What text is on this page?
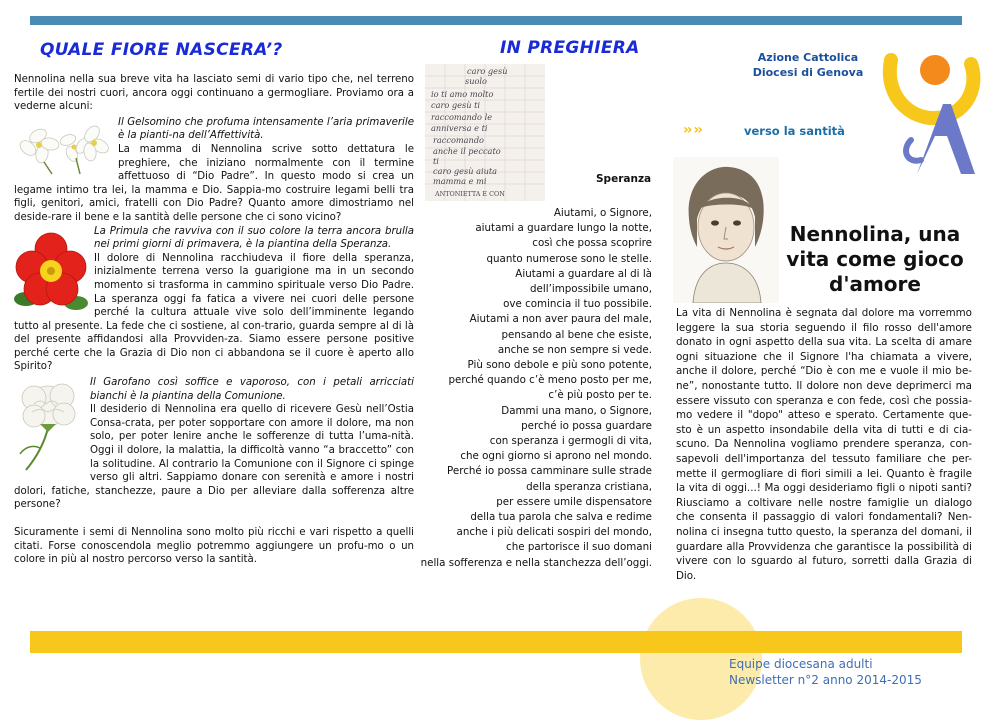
QUALE FIORE NASCERA’?

Nennolina nella sua breve vita ha lasciato semi di vario tipo che, nel terreno fertile dei nostri cuori, ancora oggi continuano a germogliare. Proviamo ora a vederne alcuni:

Il Gelsomino che profuma intensamente l’aria primaverile è la pianti-na dell’Affettività.

La mamma di Nennolina scrive sotto dettatura le preghiere, che iniziano normalmente con il termine affettuoso di “Dio Padre”. In questo modo si crea un legame intimo tra lei, la mamma e Dio. Sappia-mo costruire legami belli tra figli, genitori, amici, fratelli con Dio Padre? Quanto amore dimostriamo nel deside-rare il bene e la santità delle persone che ci sono vicino?

La Primula che ravviva con il suo colore la terra ancora brulla nei primi giorni di primavera, è la piantina della Speranza.

Il dolore di Nennolina racchiudeva il fiore della speranza, inizialmente terrena verso la guarigione ma in un secondo momento si trasforma in cammino spirituale verso Dio Padre. La speranza oggi fa fatica a vivere nei cuori delle persone perché la cultura attuale vive solo dell’imminente legando tutto al presente. La fede che ci sostiene, al con-trario, guarda sempre al di là del presente affidandosi alla Provviden-za. Siamo essere persone positive perché certe che la Grazia di Dio non ci abbandona se il cuore è aperto allo Spirito?

Il Garofano così soffice e vaporoso, con i petali arricciati bianchi è la piantina della Comunione.

Il desiderio di Nennolina era quello di ricevere Gesù nell’Ostia Consa-crata, per poter sopportare con amore il dolore, ma non solo, per poter lenire anche le sofferenze di tutta l’uma-nità. Oggi il dolore, la malattia, la difficoltà vanno “a braccetto” con la solitudine. Al contrario la Comunione con il Signore ci spinge verso gli altri. Sappiamo donare con serenità e amore i nostri dolori, fatiche, stanchezze, paure a Dio per alleviare dalla sofferenza altre persone?

Sicuramente i semi di Nennolina sono molto più ricchi e vari rispetto a quelli citati. Forse conoscendola meglio potremmo aggiungere un profu-mo o un colore in più al nostro percorso verso la santità.

IN PREGHIERA
caro gesù
suolo
io ti amo molto
caro gesù ti
raccomando le
anniversa e ti
raccomando
anche il peccato
ti
caro gesù aiuta
mamma e mi
ANTONIETTA E CON
Speranza
Aiutami, o Signore,
aiutami a guardare lungo la notte,
così che possa scoprire
quanto numerose sono le stelle.
Aiutami a guardare al di là
dell’impossibile umano,
ove comincia il tuo possibile.
Aiutami a non aver paura del male,
pensando al bene che esiste,
anche se non sempre si vede.
Più sono debole e più sono potente,
perché quando c’è meno posto per me,
c’è più posto per te.
Dammi una mano, o Signore,
perché io possa guardare
con speranza i germogli di vita,
che ogni giorno si aprono nel mondo.
Perché io possa camminare sulle strade
della speranza cristiana,
per essere umile dispensatore
della tua parola che salva e redime
anche i più delicati sospiri del mondo,
che partorisce il suo domani
nella sofferenza e nella stanchezza dell’oggi.
Azione Cattolica
Diocesi di Genova
›› ››	verso la santità
Nennolina, una vita come gioco d'amore
La vita di Nennolina è segnata dal dolore ma vorremmo leggere la sua storia seguendo il filo rosso dell'amore donato in ogni aspetto della sua vita. La scelta di amare ogni situazione che il Signore l'ha chiamata a vivere, anche il dolore, perché “Dio è con me e vuole il mio be-ne”, nonostante tutto. Il dolore non deve deprimerci ma essere vissuto con speranza e con fede, così che possia-mo vedere il "dopo" atteso e sperato. Certamente que-sto è un aspetto insondabile della vita di tutti e di cia-scuno. Da Nennolina vogliamo prendere speranza, con-sapevoli dell'importanza del tessuto familiare che per-mette il germogliare di fiori simili a lei. Quanto è fragile la vita di oggi...! Ma oggi desideriamo figli o nipoti santi? Riusciamo a coltivare nelle nostre famiglie un dialogo che consenta il passaggio di valori fondamentali? Nen-nolina ci insegna tutto questo, la speranza del domani, il guardare alla Provvidenza che garantisce la possibilità di vivere con lo sguardo al futuro, sorretti dalla Grazia di Dio.
Equipe diocesana adulti
Newsletter n°2 anno 2014-2015
